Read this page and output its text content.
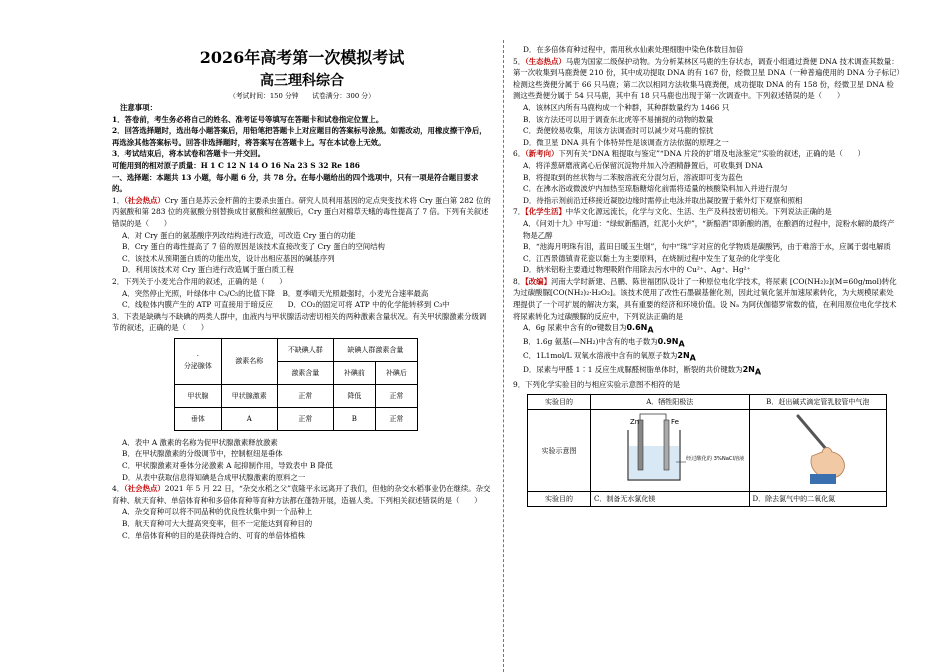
2026年高考第一次模拟考试
高三理科综合
（考试时间：150 分钟　　试卷满分：300 分）
注意事项：
1．答卷前，考生务必将自己的姓名、准考证号等填写在答题卡和试卷指定位置上。
2．回答选择题时，选出每小题答案后，用铅笔把答题卡上对应题目的答案标号涂黑。如需改动，用橡皮擦干净后，再选涂其他答案标号。回答非选择题时，将答案写在答题卡上。写在本试卷上无效。
3．考试结束后，将本试卷和答题卡一并交回。
可能用到的相对原子质量：H 1 C 12 N 14 O 16 Na 23 S 32 Re 186
一、选择题：本题共 13 小题，每小题 6 分，共 78 分。在每小题给出的四个选项中，只有一项是符合题目要求的。
1．（社会热点）Cry 蛋白是苏云金杆菌的主要杀虫蛋白。研究人员利用基因的定点突变技术将 Cry 蛋白第 282 位的丙氨酸和第 283 位的亮氨酸分别替换成甘氨酸和丝氨酸后，Cry 蛋白对棉草天蛾的毒性提高了 7 倍。下列有关叙述错误的是（　　）
A．对 Cry 蛋白的氨基酸序列改结构进行改造，可改造 Cry 蛋白的功能
B．Cry 蛋白的毒性提高了 7 倍的原因是该技术直接改变了 Cry 蛋白的空间结构
C．该技术从预期蛋白质的功能出发，设计出相应基因的碱基序列
D．利用该技术对 Cry 蛋白进行改造属于蛋白质工程
2．下列关于小麦光合作用的叙述，正确的是（　　）
A．突然停止光照，叶绿体中 C₃/C₅的比值下降　B．夏季晴天光照最强时，小麦光合速率最高
C．线粒体内膜产生的 ATP 可直接用于暗反应　　D．CO₂的固定可将 ATP 中的化学能转移到 C₃中
3．下表是缺碘与不缺碘的两类人群中，血液内与甲状腺活动密切相关的两种激素含量状况。有关甲状腺激素分级调节的叙述，正确的是（　　）
·
分泌腺体	激素名称	不缺碘人群	缺碘人群激素含量	
		激素含量	补碘前	补碘后
甲状腺	甲状腺激素	正常	降低	正常
垂体	A	正常	B	正常
A．表中 A 激素的名称为促甲状腺激素释放激素
B．在甲状腺激素的分级调节中，控制枢纽是垂体
C．甲状腺激素对垂体分泌激素 A 起抑制作用，导致表中 B 降低
D．从表中获取信息得知碘是合成甲状腺激素的原料之一
4．（社会热点）2021 年 5 月 22 日，“杂交水稻之父”袁隆平永远离开了我们，但他的杂交水稻事业仍在继续。杂交育种、航天育种、单倍体育种和多倍体育种等育种方法都在蓬勃开展，造福人类。下列相关叙述错误的是（　　）
A．杂交育种可以将不同品种的优良性状集中到一个品种上
B．航天育种可大大提高突变率，但不一定能达到育种目的
C．单倍体育种的目的是获得纯合的、可育的单倍体植株
D．在多倍体育种过程中，需用秋水仙素处理细胞中染色体数目加倍
5．（生态热点）马鹿为国家二级保护动物。为分析某林区马鹿的生存状态，调查小组通过粪便 DNA 技术调查其数量：第一次收集到马鹿粪便 210 份，其中成功提取 DNA 的有 167 份，经微卫星 DNA（一种普遍使用的 DNA 分子标记）检测这些粪便分属于 66 只马鹿；第二次以相同方法收集马鹿粪便，成功提取 DNA 的有 158 份，经微卫星 DNA 检测这些粪便分属于 54 只马鹿，其中有 18 只马鹿也出现于第一次调查中。下列叙述错误的是（　　）
A．该林区内所有马鹿构成一个种群，其种群数量约为 1466 只
B．该方法还可以用于调查东北虎等不易捕捉的动物的数量
C．粪便较易收集，用该方法调查时可以减少对马鹿的惊扰
D．微卫星 DNA 具有个体特异性是该调查方法依据的原理之一
6．（新考向）下列有关“DNA 粗提取与鉴定”“DNA 片段的扩增及电泳鉴定”实验的叙述，正确的是（　　）
A．将洋葱研磨液离心后保留沉淀物并加入冷酒精静置后，可收集到 DNA
B．将提取到的丝状物与二苯胺溶液充分混匀后，溶液即可变为蓝色
C．在沸水浴或微波炉内加热至琼脂糖熔化前需将适量的核酸染料加入并进行混匀
D．待指示剂前沿迁移接近凝胶边缘时需停止电泳并取出凝胶置于紫外灯下观察和照相
7．【化学生活】中华文化源远流长，化学与文化、生活、生产及科技密切相关。下列说法正确的是
A．《问刘十九》中写道：“绿蚁新醅酒，红泥小火炉”，“新醅酒”即新酿的酒，在酿酒的过程中，淀粉水解的最终产物是乙醇
B．“池海月明珠有泪，蓝田日暖玉生烟”，句中“珠”字对应的化学物质是碳酸钙，由于难溶于水，应属于弱电解质
C．江西景德镇青花瓷以黏土为主要原料，在烧制过程中发生了复杂的化学变化
D．纳米铝粉主要通过物理吸附作用除去污水中的 Cu²⁺、Ag⁺、Hg²⁺
8．【改编】河南大学时新建、吕鹏、陈世福团队设计了一种原位电化学技术，将尿素 [CO(NH₂)₂](M=60g/mol)转化为过碳酸脲[CO(NH₂)₂·H₂O₂]。该技术使用了改性石墨碳基催化剂，因此过氧化氢并加速尿素转化，为大规模尿素处理提供了一个可扩展的解决方案，具有重要的经济和环境价值。设 Nₐ 为阿伏伽德罗常数的值，在利用原位电化学技术将尿素转化为过碳酸脲的反应中，下列说法正确的是
A．6g 尿素中含有的σ键数目为$0.6N_A$
B．1.6g 氨基(—NH₂)中含有的电子数为$0.9N_A$
C．1L1mol/L 双氧水溶液中含有的氧原子数为$2N_A$
D．尿素与甲醛 1∶1 反应生成脲醛树脂单体时，断裂的共价键数为$2N_A$
9．下列化学实验目的与相应实验示意图不相符的是
实验目的	A．牺牲阳极法	B．赶出碱式滴定管乳胶管中气泡
实验示意图	Zn Fe
经过酸化的 3%NaCl溶液

实验目的	C．制备无水氯化镁	D．除去氯气中的二氧化氮
